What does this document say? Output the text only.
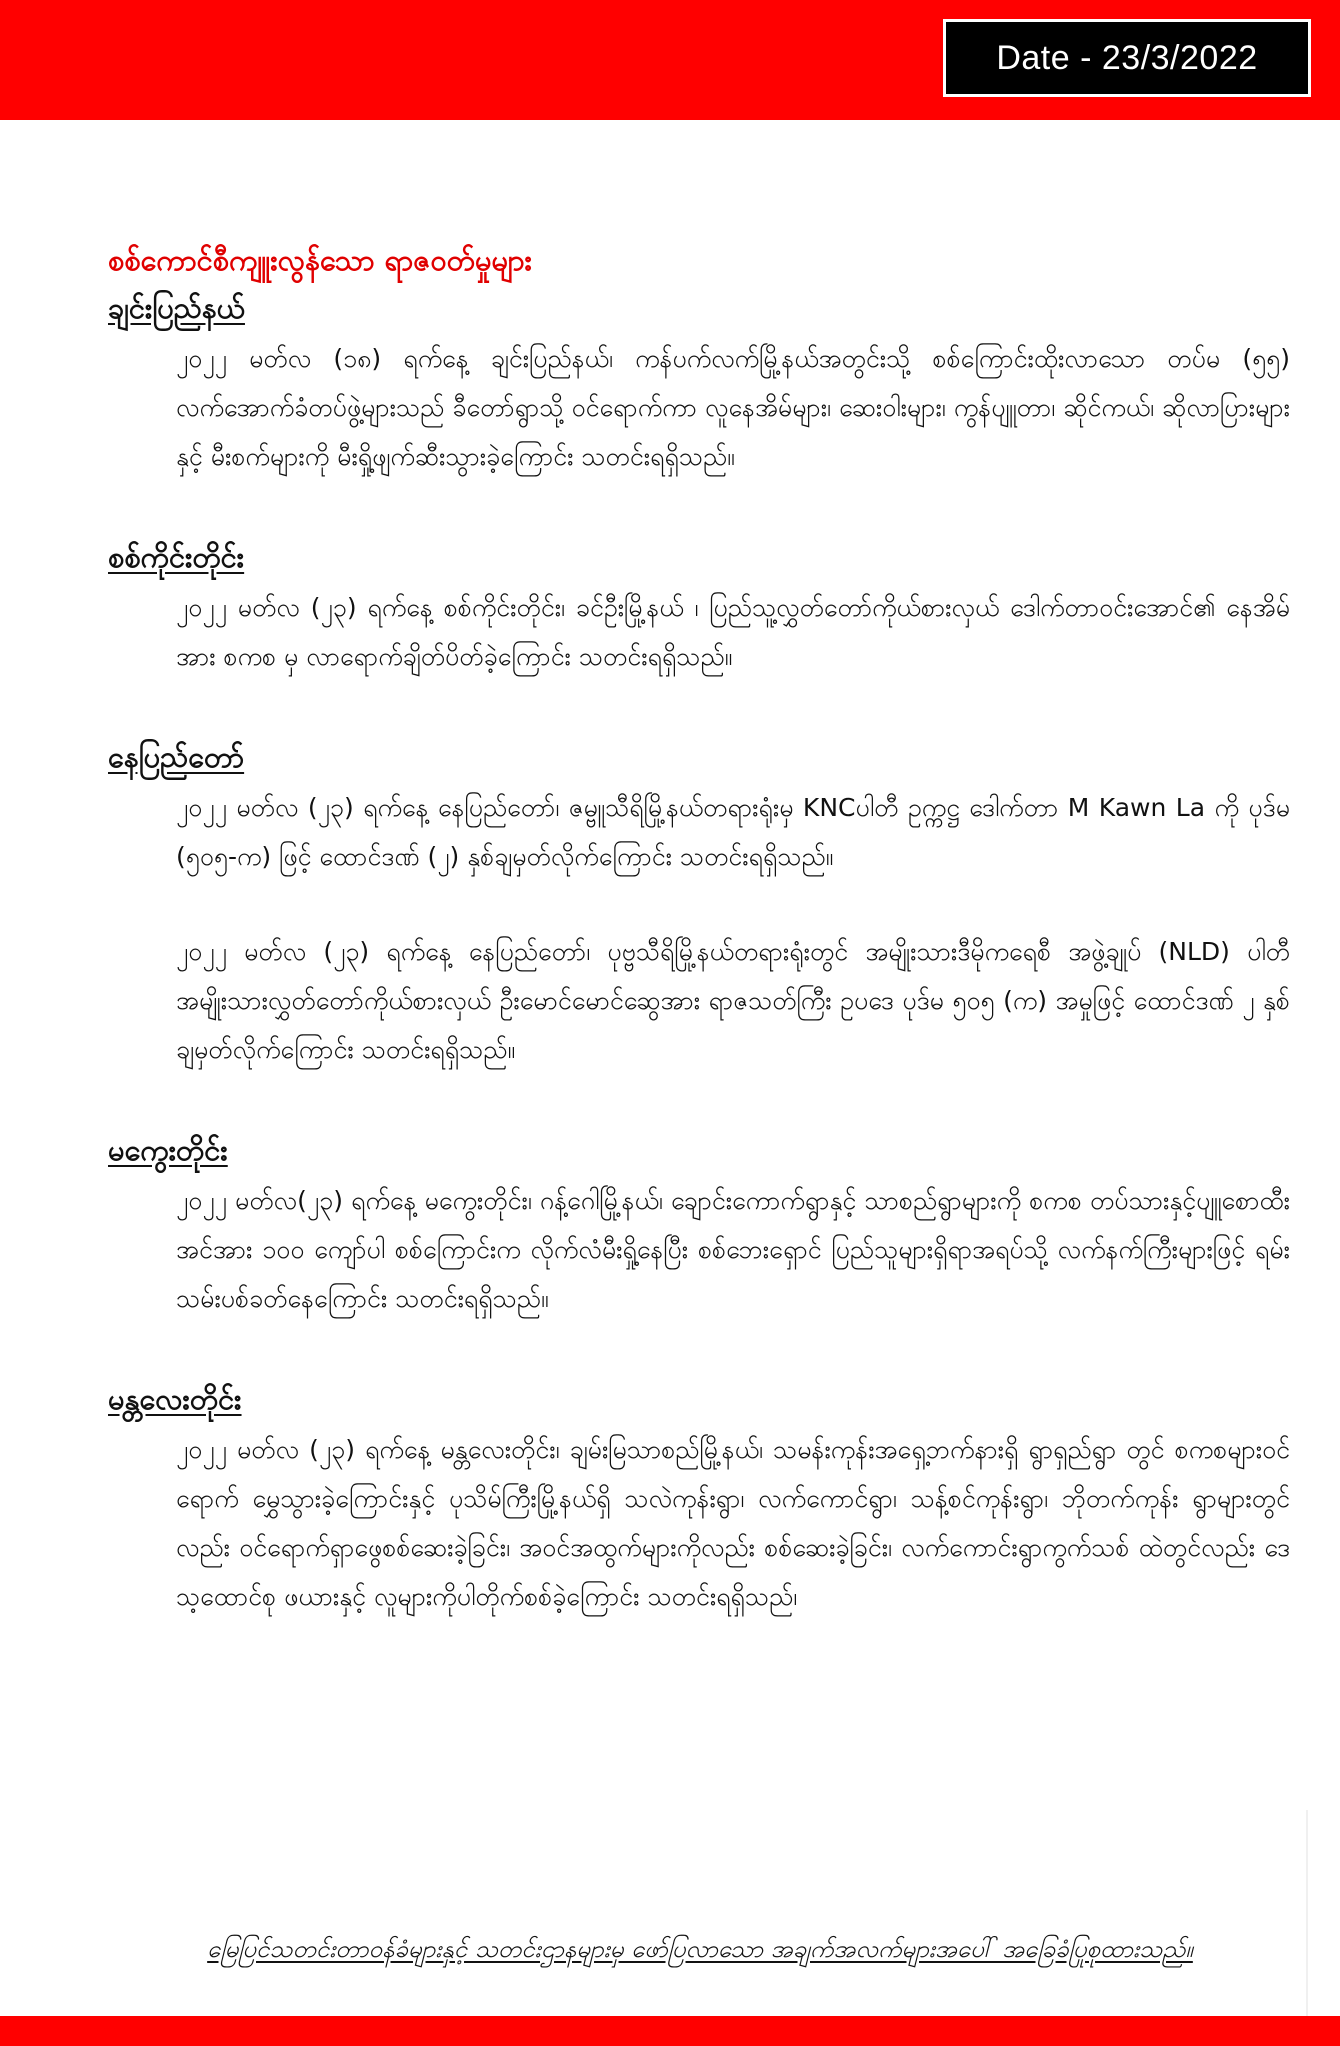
Date - 23/3/2022
စစ်ကောင်စီကျူးလွန်သော ရာဇဝတ်မှုများ
ချင်းပြည်နယ်

၂၀၂၂ မတ်လ (၁၈) ရက်နေ့ ချင်းပြည်နယ်၊ ကန်ပက်လက်မြို့နယ်အတွင်းသို့ စစ်ကြောင်းထိုးလာသော တပ်မ (၅၅) လက်အောက်ခံတပ်ဖွဲ့များသည် ခီတော်ရွာသို့ ဝင်ရောက်ကာ လူနေအိမ်များ၊ ဆေးဝါးများ၊ ကွန်ပျူတာ၊ ဆိုင်ကယ်၊ ဆိုလာပြားများနှင့် မီးစက်များကို မီးရှို့ဖျက်ဆီးသွားခဲ့ကြောင်း သတင်းရရှိသည်။

စစ်ကိုင်းတိုင်း

၂၀၂၂ မတ်လ (၂၃) ရက်နေ့ စစ်ကိုင်းတိုင်း၊ ခင်ဦးမြို့နယ် ၊ ပြည်သူ့လွှတ်တော်ကိုယ်စားလှယ် ဒေါက်တာဝင်းအောင်၏ နေအိမ်အား စကစ မှ လာရောက်ချိတ်ပိတ်ခဲ့ကြောင်း သတင်းရရှိသည်။

နေပြည်တော်

၂၀၂၂ မတ်လ (၂၃) ရက်နေ့ နေပြည်တော်၊ ဇမ္ဗူသီရိမြို့နယ်တရားရုံးမှ KNCပါတီ ဥက္ကဋ္ဌ ဒေါက်တာ M Kawn La ကို ပုဒ်မ (၅၀၅-က) ဖြင့် ထောင်ဒဏ် (၂) နှစ်ချမှတ်လိုက်ကြောင်း သတင်းရရှိသည်။

၂၀၂၂ မတ်လ (၂၃) ရက်နေ့ နေပြည်တော်၊ ပုဗ္ဗသီရိမြို့နယ်တရားရုံးတွင် အမျိုးသားဒီမိုကရေစီ အဖွဲ့ချုပ် (NLD) ပါတီ အမျိုးသားလွှတ်တော်ကိုယ်စားလှယ် ဦးမောင်မောင်ဆွေအား ရာဇသတ်ကြီး ဥပဒေ ပုဒ်မ ၅၀၅ (က) အမှုဖြင့် ထောင်ဒဏ် ၂ နှစ်ချမှတ်လိုက်ကြောင်း သတင်းရရှိသည်။

မကွေးတိုင်း

၂၀၂၂ မတ်လ(၂၃) ရက်နေ့ မကွေးတိုင်း၊ ဂန့်ဂေါမြို့နယ်၊ ချောင်းကောက်ရွာနှင့် သာစည်ရွာများကို စကစ တပ်သားနှင့်ပျူစောထီး အင်အား ၁၀၀ ကျော်ပါ စစ်ကြောင်းက လိုက်လံမီးရှို့နေပြီး စစ်ဘေးရှောင် ပြည်သူများရှိရာအရပ်သို့ လက်နက်ကြီးများဖြင့် ရမ်းသမ်းပစ်ခတ်နေကြောင်း သတင်းရရှိသည်။

မန္တလေးတိုင်း

၂၀၂၂ မတ်လ (၂၃) ရက်နေ့ မန္တလေးတိုင်း၊ ချမ်းမြသာစည်မြို့နယ်၊ သမန်းကုန်းအရှေ့ဘက်နားရှိ ရွာရှည်ရွာ တွင် စကစများဝင်ရောက် မွှေသွားခဲ့ကြောင်းနှင့် ပုသိမ်ကြီးမြို့နယ်ရှိ သလဲကုန်းရွာ၊ လက်ကောင်ရွာ၊ သန့်စင်ကုန်းရွာ၊ ဘိုတက်ကုန်း ရွာများတွင်လည်း ဝင်ရောက်ရှာဖွေစစ်ဆေးခဲ့ခြင်း၊ အဝင်အထွက်များကိုလည်း စစ်ဆေးခဲ့ခြင်း၊ လက်ကောင်းရွာကွက်သစ် ထဲတွင်လည်း ဒေသ့ထောင်စု ဖယားနှင့် လူများကိုပါတိုက်စစ်ခဲ့ကြောင်း သတင်းရရှိသည်၊

မြေပြင်သတင်းတာဝန်ခံများနှင့် သတင်းဌာနများမှ ဖော်ပြလာသော အချက်အလက်များအပေါ် အခြေခံပြုစုထားသည်။
